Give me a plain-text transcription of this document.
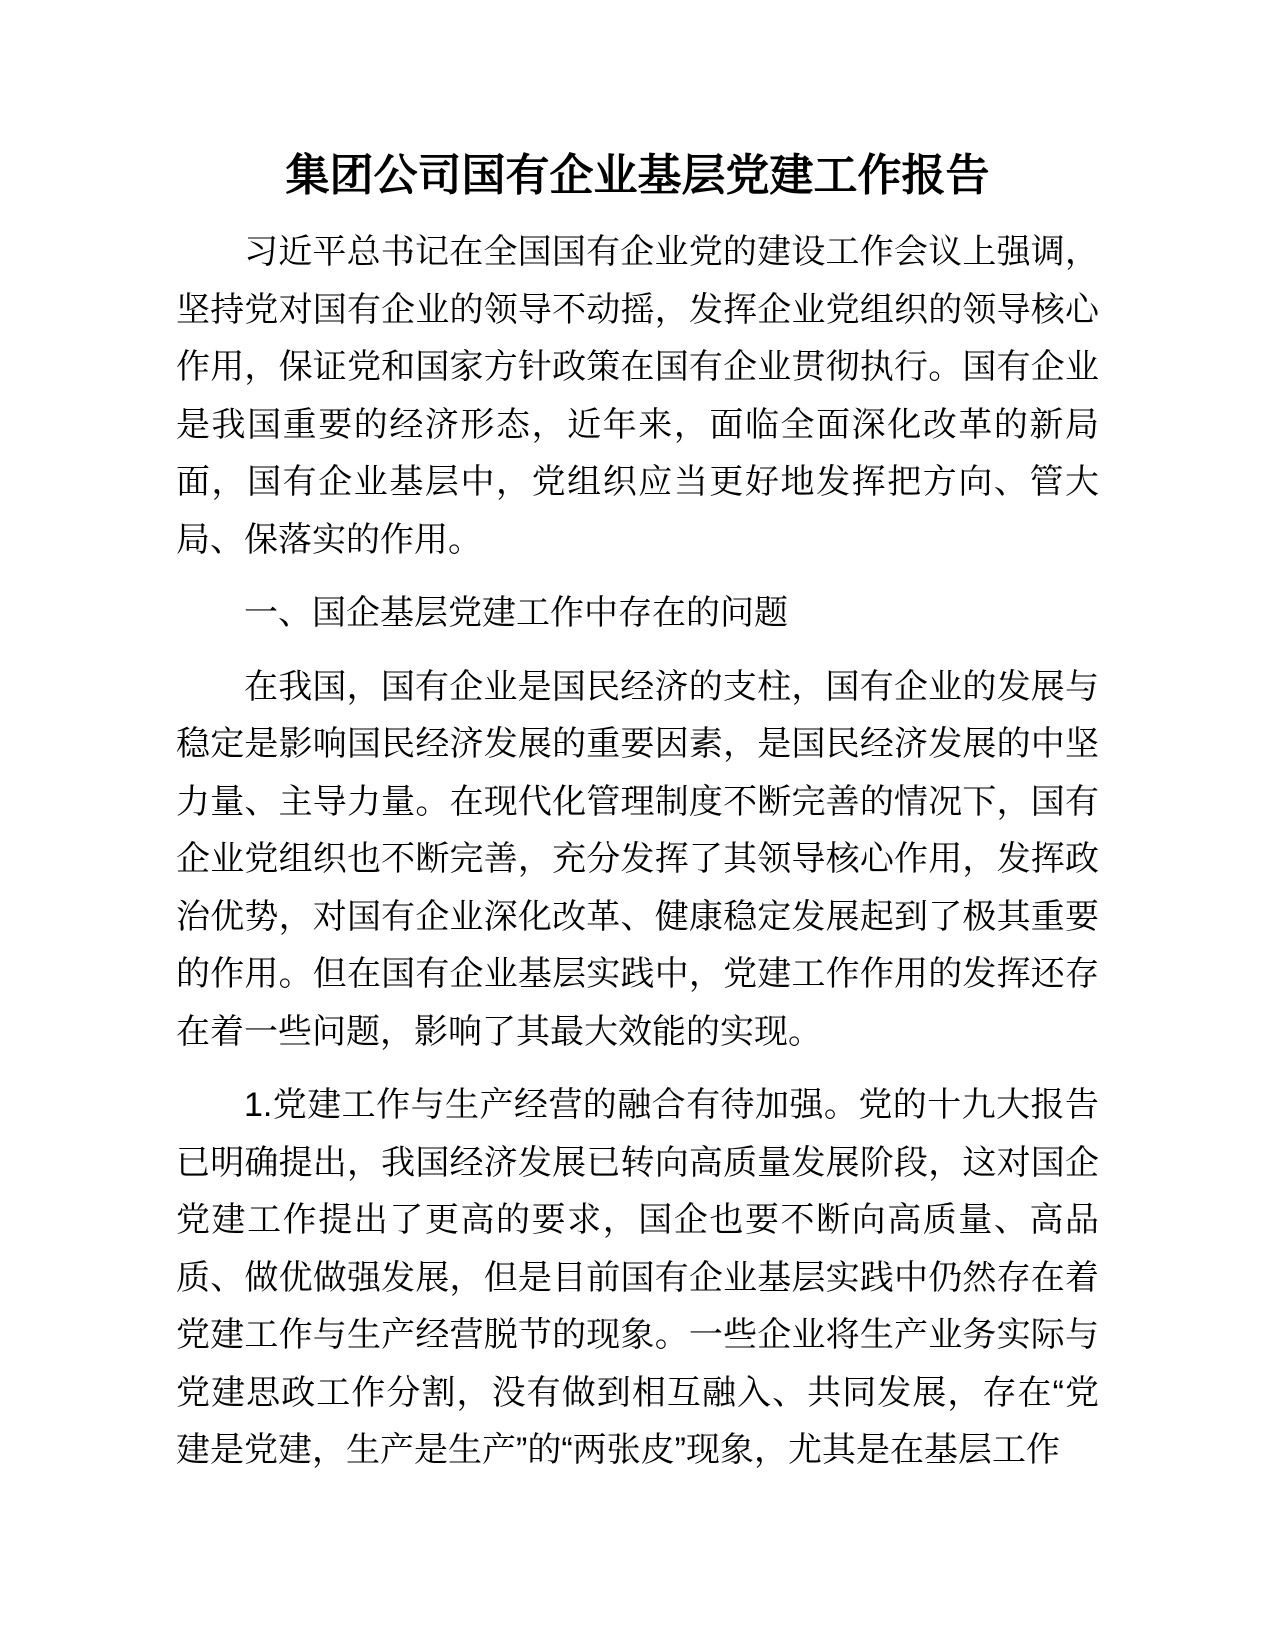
集团公司国有企业基层党建工作报告

习近平总书记在全国国有企业党的建设工作会议上强调，坚持党对国有企业的领导不动摇，发挥企业党组织的领导核心作用，保证党和国家方针政策在国有企业贯彻执行。国有企业是我国重要的经济形态，近年来，面临全面深化改革的新局面，国有企业基层中，党组织应当更好地发挥把方向、管大局、保落实的作用。

一、国企基层党建工作中存在的问题

在我国，国有企业是国民经济的支柱，国有企业的发展与稳定是影响国民经济发展的重要因素，是国民经济发展的中坚力量、主导力量。在现代化管理制度不断完善的情况下，国有企业党组织也不断完善，充分发挥了其领导核心作用，发挥政治优势，对国有企业深化改革、健康稳定发展起到了极其重要的作用。但在国有企业基层实践中，党建工作作用的发挥还存在着一些问题，影响了其最大效能的实现。

1.党建工作与生产经营的融合有待加强。党的十九大报告已明确提出，我国经济发展已转向高质量发展阶段，这对国企党建工作提出了更高的要求，国企也要不断向高质量、高品质、做优做强发展，但是目前国有企业基层实践中仍然存在着党建工作与生产经营脱节的现象。一些企业将生产业务实际与党建思政工作分割，没有做到相互融入、共同发展，存在“党建是党建，生产是生产”的“两张皮”现象，尤其是在基层工作
